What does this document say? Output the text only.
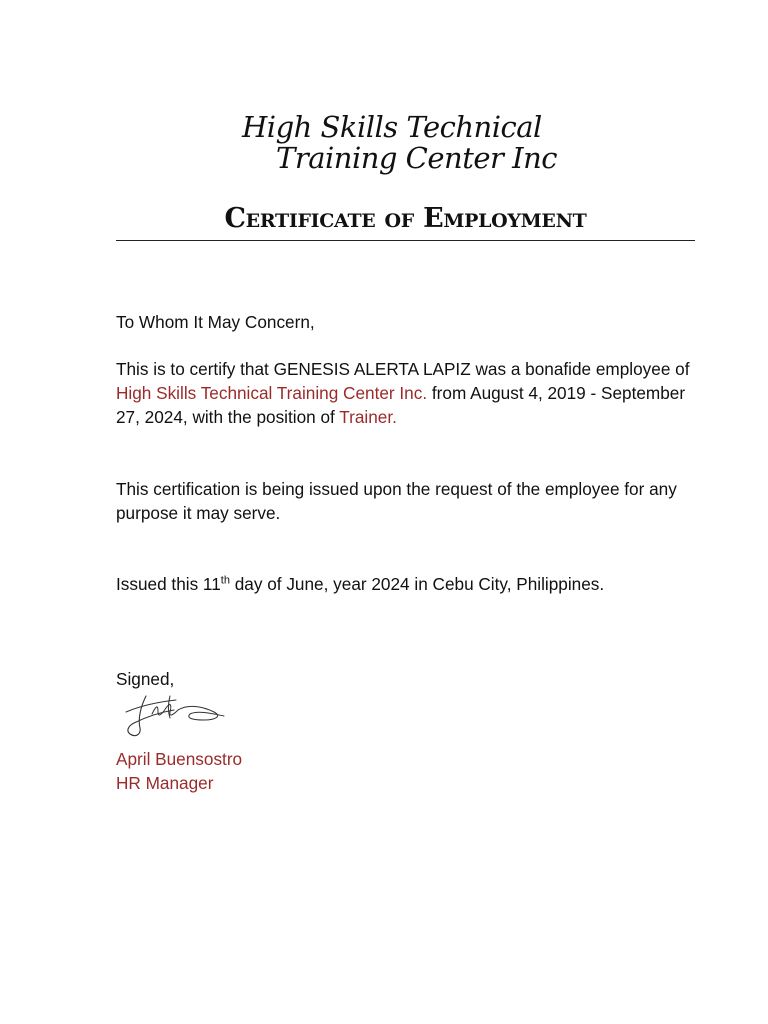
High Skills Technical
Training Center Inc
Certificate of Employment
To Whom It May Concern,
This is to certify that GENESIS ALERTA LAPIZ was a bonafide employee of High Skills Technical Training Center Inc. from August 4, 2019 - September 27, 2024, with the position of Trainer.
This certification is being issued upon the request of the employee for any purpose it may serve.
Issued this 11th day of June, year 2024 in Cebu City, Philippines.
Signed,
April Buensostro
HR Manager
